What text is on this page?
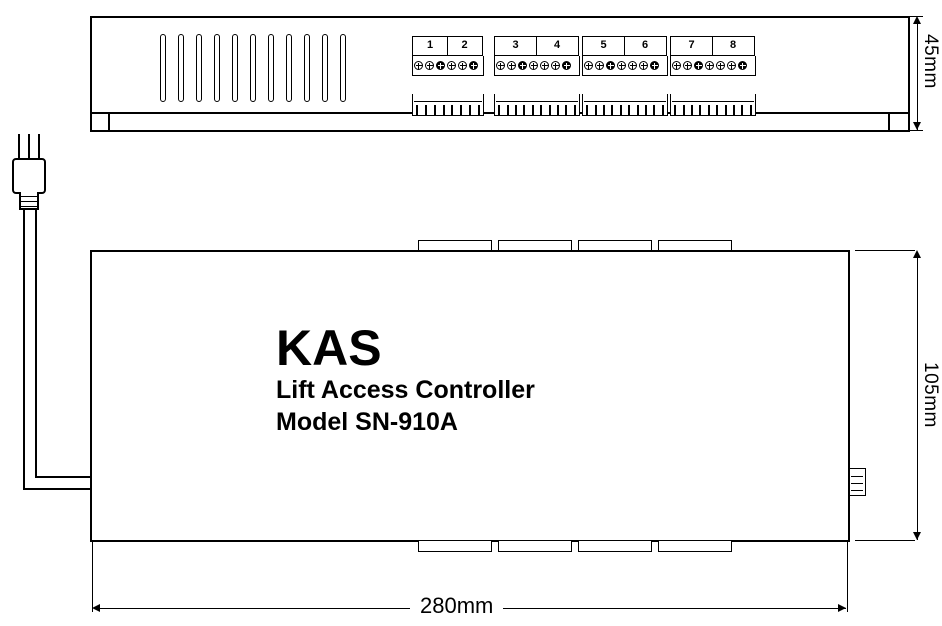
1	2	3	4	5	6	7	8	45mm
KAS
Lift Access Controller
Model SN-910A	105mm
280mm
